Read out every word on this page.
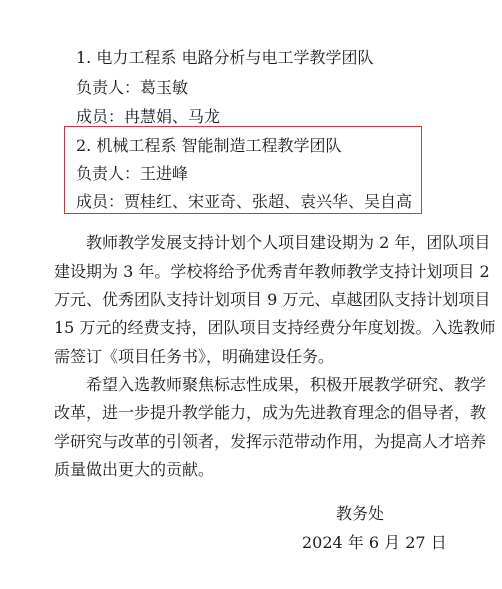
1. 电力工程系 电路分析与电工学教学团队
负责人：葛玉敏
成员：冉慧娟、马龙
2. 机械工程系 智能制造工程教学团队
负责人：王进峰
成员：贾桂红、宋亚奇、张超、袁兴华、吴自高
教师教学发展支持计划个人项目建设期为 2 年，团队项目
建设期为 3 年。学校将给予优秀青年教师教学支持计划项目 2
万元、优秀团队支持计划项目 9 万元、卓越团队支持计划项目
15 万元的经费支持，团队项目支持经费分年度划拨。入选教师
需签订《项目任务书》，明确建设任务。
希望入选教师聚焦标志性成果，积极开展教学研究、教学
改革，进一步提升教学能力，成为先进教育理念的倡导者，教
学研究与改革的引领者，发挥示范带动作用，为提高人才培养
质量做出更大的贡献。
教务处
2024 年 6 月 27 日
